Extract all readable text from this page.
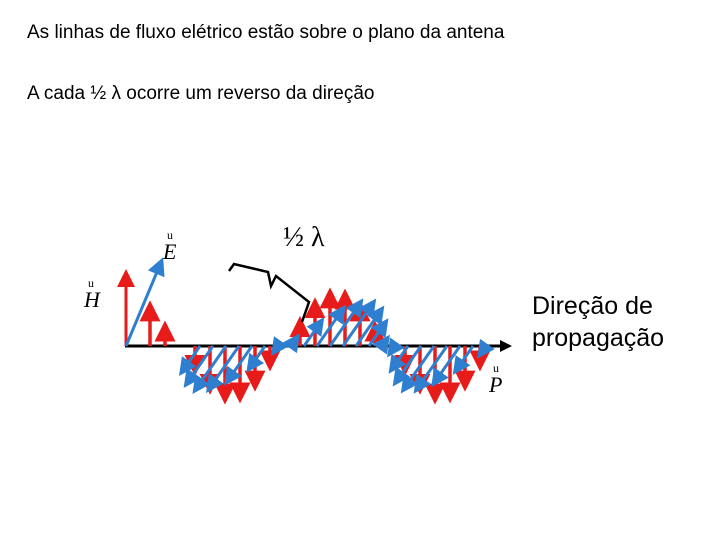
As linhas de fluxo elétrico estão sobre o plano da antena
A cada ½ λ ocorre um reverso da direção
u
E
u
H
u
P
½ λ
Direção de
propagação
